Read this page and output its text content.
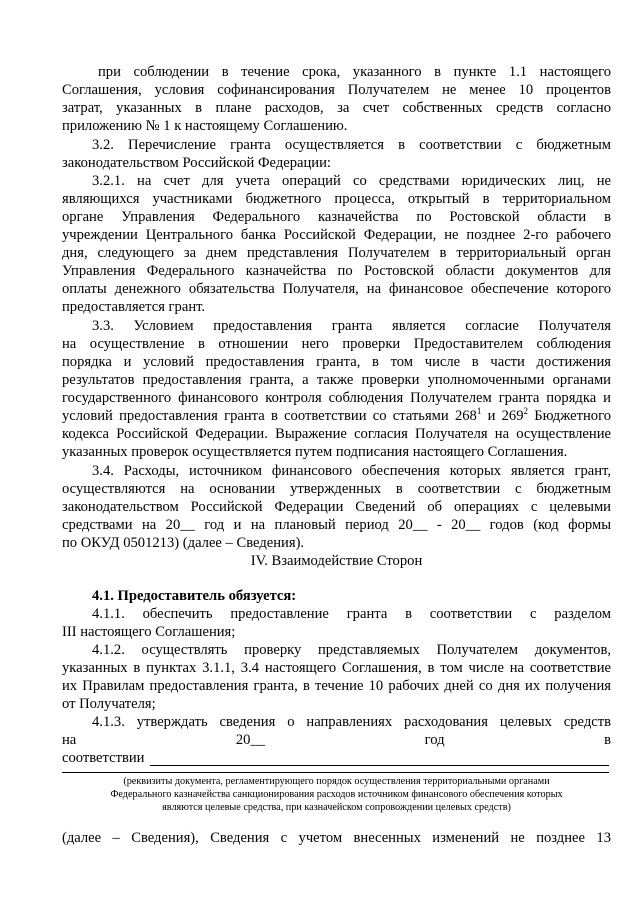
при соблюдении в течение срока, указанного в пункте 1.1 настоящего
Соглашения, условия софинансирования Получателем не менее 10 процентов
затрат, указанных в плане расходов, за счет собственных средств согласно
приложению № 1 к настоящему Соглашению.
3.2. Перечисление гранта осуществляется в соответствии с бюджетным
законодательством Российской Федерации:
3.2.1. на счет для учета операций со средствами юридических лиц, не
являющихся участниками бюджетного процесса, открытый в территориальном
органе Управления Федерального казначейства по Ростовской области в
учреждении Центрального банка Российской Федерации, не позднее 2-го рабочего
дня, следующего за днем представления Получателем в территориальный орган
Управления Федерального казначейства по Ростовской области документов для
оплаты денежного обязательства Получателя, на финансовое обеспечение которого
предоставляется грант.
3.3. Условием предоставления гранта является согласие Получателя
на осуществление в отношении него проверки Предоставителем соблюдения
порядка и условий предоставления гранта, в том числе в части достижения
результатов предоставления гранта, а также проверки уполномоченными органами
государственного финансового контроля соблюдения Получателем гранта порядка и
условий предоставления гранта в соответствии со статьями $268^1$ и $269^2$ Бюджетного
кодекса Российской Федерации. Выражение согласия Получателя на осуществление
указанных проверок осуществляется путем подписания настоящего Соглашения.
3.4. Расходы, источником финансового обеспечения которых является грант,
осуществляются на основании утвержденных в соответствии с бюджетным
законодательством Российской Федерации Сведений об операциях с целевыми
средствами на 20__ год и на плановый период 20__ - 20__ годов (код формы
по ОКУД 0501213) (далее – Сведения).
IV. Взаимодействие Сторон
4.1. Предоставитель обязуется:
4.1.1. обеспечить предоставление гранта в соответствии с разделом
III настоящего Соглашения;
4.1.2. осуществлять проверку представляемых Получателем документов,
указанных в пунктах 3.1.1, 3.4 настоящего Соглашения, в том числе на соответствие
их Правилам предоставления гранта, в течение 10 рабочих дней со дня их получения
от Получателя;
4.1.3. утверждать сведения о направлениях расходования целевых средств
на	20__	год	в
соответствии
(реквизиты документа, регламентирующего порядок осуществления территориальными органами
Федерального казначейства санкционирования расходов источником финансового обеспечения которых
являются целевые средства, при казначейском сопровождении целевых средств)
(далее – Сведения), Сведения с учетом внесенных изменений не позднее 13
